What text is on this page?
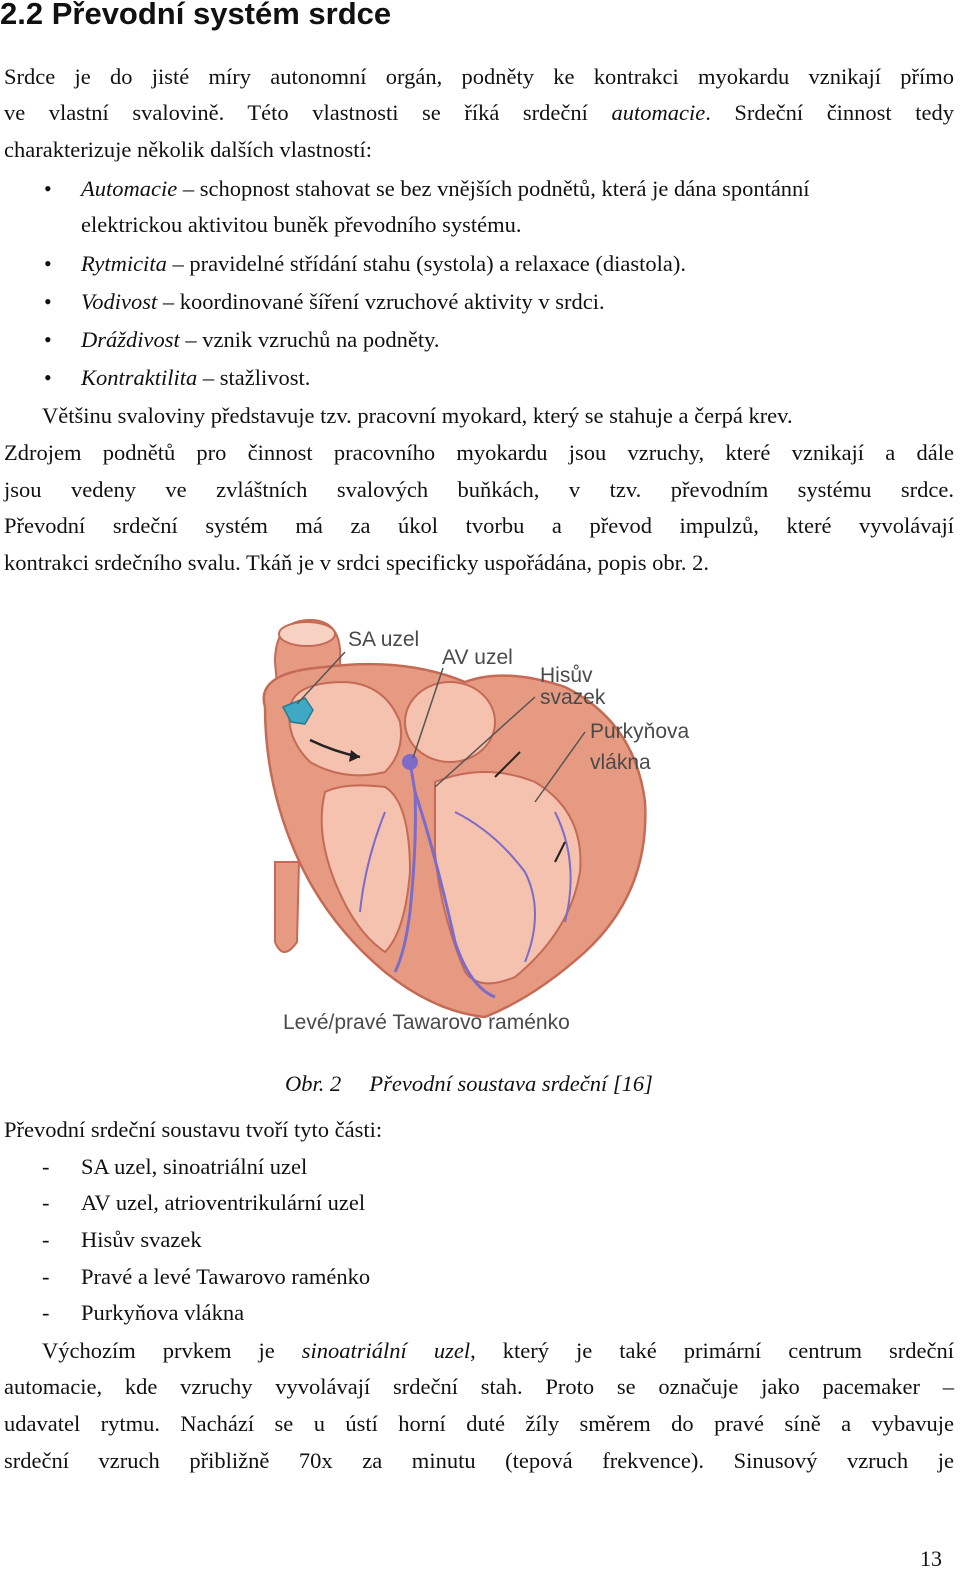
2.2 Převodní systém srdce
Srdce je do jisté míry autonomní orgán, podněty ke kontrakci myokardu vznikají přímo
ve vlastní svalovině. Této vlastnosti se říká srdeční automacie. Srdeční činnost tedy
charakterizuje několik dalších vlastností:
• Automacie – schopnost stahovat se bez vnějších podnětů, která je dána spontánní
elektrickou aktivitou buněk převodního systému.
• Rytmicita – pravidelné střídání stahu (systola) a relaxace (diastola).
• Vodivost – koordinované šíření vzruchové aktivity v srdci.
• Dráždivost – vznik vzruchů na podněty.
• Kontraktilita – stažlivost.
Většinu svaloviny představuje tzv. pracovní myokard, který se stahuje a čerpá krev.
Zdrojem podnětů pro činnost pracovního myokardu jsou vzruchy, které vznikají a dále
jsou vedeny ve zvláštních svalových buňkách, v tzv. převodním systému srdce.
Převodní srdeční systém má za úkol tvorbu a převod impulzů, které vyvolávají
kontrakci srdečního svalu. Tkáň je v srdci specificky uspořádána, popis obr. 2.
SA uzel
AV uzel
Hisův
svazek
Purkyňova
vlákna
Levé/pravé Tawarovo raménko
Obr. 2 Převodní soustava srdeční [16]
Převodní srdeční soustavu tvoří tyto části:
- SA uzel, sinoatriální uzel
- AV uzel, atrioventrikulární uzel
- Hisův svazek
- Pravé a levé Tawarovo raménko
- Purkyňova vlákna
Výchozím prvkem je sinoatriální uzel, který je také primární centrum srdeční
automacie, kde vzruchy vyvolávají srdeční stah. Proto se označuje jako pacemaker –
udavatel rytmu. Nachází se u ústí horní duté žíly směrem do pravé síně a vybavuje
srdeční vzruch přibližně 70x za minutu (tepová frekvence). Sinusový vzruch je
13
